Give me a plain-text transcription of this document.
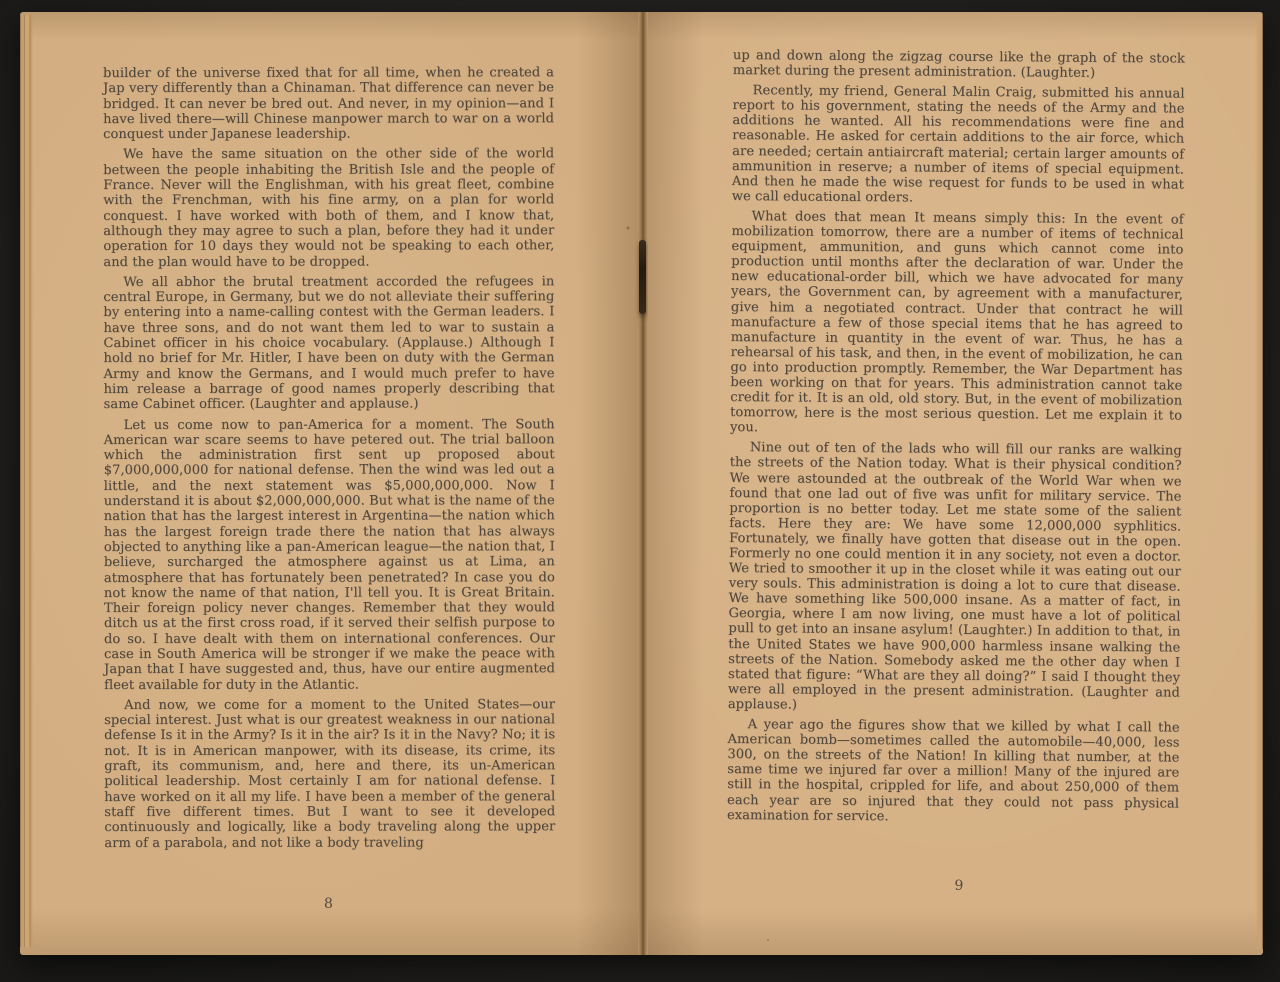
builder of the universe fixed that for all time, when he created a Jap very differently than a Chinaman. That difference can never be bridged. It can never be bred out. And never, in my opinion—and I have lived there—will Chinese manpower march to war on a world conquest under Japanese leadership.

We have the same situation on the other side of the world between the people inhabiting the British Isle and the people of France. Never will the Englishman, with his great fleet, combine with the Frenchman, with his fine army, on a plan for world conquest. I have worked with both of them, and I know that, although they may agree to such a plan, before they had it under operation for 10 days they would not be speaking to each other, and the plan would have to be dropped.

We all abhor the brutal treatment accorded the refugees in central Europe, in Germany, but we do not alleviate their suffering by entering into a name-calling contest with the German leaders. I have three sons, and do not want them led to war to sustain a Cabinet officer in his choice vocabulary. (Applause.) Although I hold no brief for Mr. Hitler, I have been on duty with the German Army and know the Germans, and I would much prefer to have him release a barrage of good names properly describing that same Cabinet officer. (Laughter and applause.)

Let us come now to pan-America for a moment. The South American war scare seems to have petered out. The trial balloon which the administration first sent up proposed about $7,000,000,000 for national defense. Then the wind was led out a little, and the next statement was $5,000,000,000. Now I understand it is about $2,000,000,000. But what is the name of the nation that has the largest interest in Argentina—the nation which has the largest foreign trade there the nation that has always objected to anything like a pan-American league—the nation that, I believe, surcharged the atmosphere against us at Lima, an atmosphere that has fortunately been penetrated? In case you do not know the name of that nation, I'll tell you. It is Great Britain. Their foreign policy never changes. Remember that they would ditch us at the first cross road, if it served their selfish purpose to do so. I have dealt with them on international conferences. Our case in South America will be stronger if we make the peace with Japan that I have suggested and, thus, have our entire augmented fleet available for duty in the Atlantic.

And now, we come for a moment to the United States—our special interest. Just what is our greatest weakness in our national defense Is it in the Army? Is it in the air? Is it in the Navy? No; it is not. It is in American manpower, with its disease, its crime, its graft, its communism, and, here and there, its un-American political leadership. Most certainly I am for national defense. I have worked on it all my life. I have been a member of the general staff five different times. But I want to see it developed continuously and logically, like a body traveling along the upper arm of a parabola, and not like a body traveling

8

up and down along the zigzag course like the graph of the stock market during the present administration. (Laughter.)

Recently, my friend, General Malin Craig, submitted his annual report to his government, stating the needs of the Army and the additions he wanted. All his recommendations were fine and reasonable. He asked for certain additions to the air force, which are needed; certain antiaircraft material; certain larger amounts of ammunition in reserve; a number of items of special equipment. And then he made the wise request for funds to be used in what we call educational orders.

What does that mean It means simply this: In the event of mobilization tomorrow, there are a number of items of technical equipment, ammunition, and guns which cannot come into production until months after the declaration of war. Under the new educational-order bill, which we have advocated for many years, the Government can, by agreement with a manufacturer, give him a negotiated contract. Under that contract he will manufacture a few of those special items that he has agreed to manufacture in quantity in the event of war. Thus, he has a rehearsal of his task, and then, in the event of mobilization, he can go into production promptly. Remember, the War Department has been working on that for years. This administration cannot take credit for it. It is an old, old story. But, in the event of mobilization tomorrow, here is the most serious question. Let me explain it to you.

Nine out of ten of the lads who will fill our ranks are walking the streets of the Nation today. What is their physical condition? We were astounded at the outbreak of the World War when we found that one lad out of five was unfit for military service. The proportion is no better today. Let me state some of the salient facts. Here they are: We have some 12,000,000 syphlitics. Fortunately, we finally have gotten that disease out in the open. Formerly no one could mention it in any society, not even a doctor. We tried to smoother it up in the closet while it was eating out our very souls. This administration is doing a lot to cure that disease. We have something like 500,000 insane. As a matter of fact, in Georgia, where I am now living, one must have a lot of political pull to get into an insane asylum! (Laughter.) In addition to that, in the United States we have 900,000 harmless insane walking the streets of the Nation. Somebody asked me the other day when I stated that figure: “What are they all doing?” I said I thought they were all employed in the present administration. (Laughter and applause.)

A year ago the figures show that we killed by what I call the American bomb—sometimes called the automobile—40,000, less 300, on the streets of the Nation! In killing that number, at the same time we injured far over a million! Many of the injured are still in the hospital, crippled for life, and about 250,000 of them each year are so injured that they could not pass physical examination for service.

9
